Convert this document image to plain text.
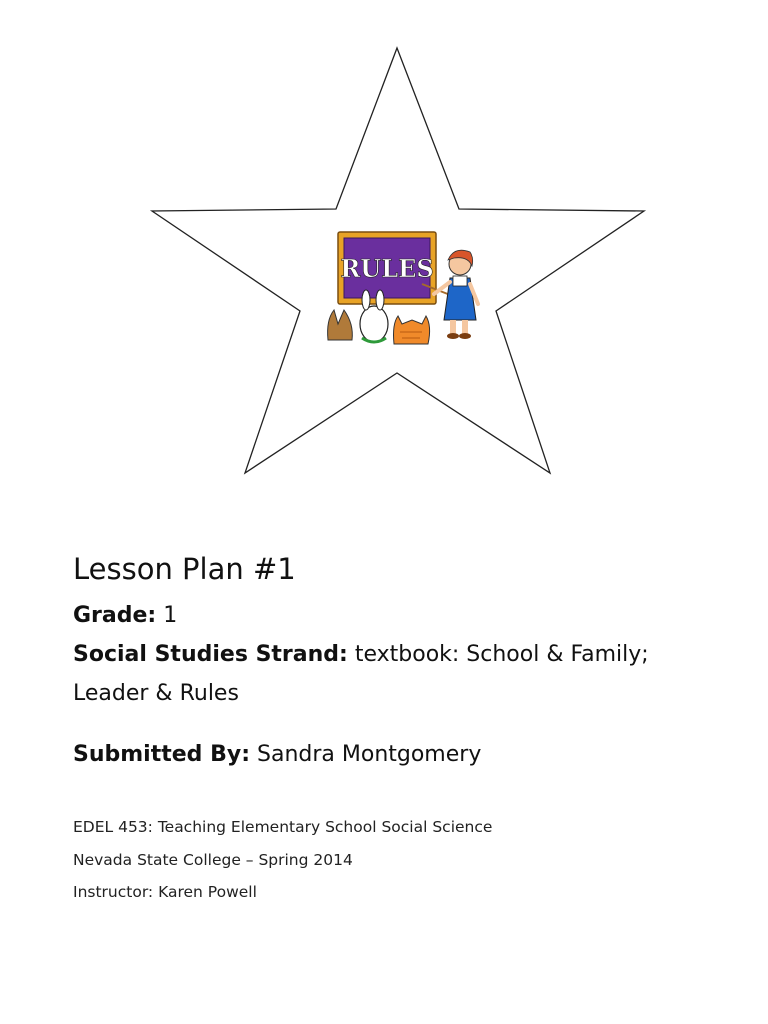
RULES
Lesson Plan #1
Grade: 1
Social Studies Strand: textbook: School & Family;
Leader & Rules
Submitted By: Sandra Montgomery
EDEL 453: Teaching Elementary School Social Science
Nevada State College – Spring 2014
Instructor: Karen Powell
